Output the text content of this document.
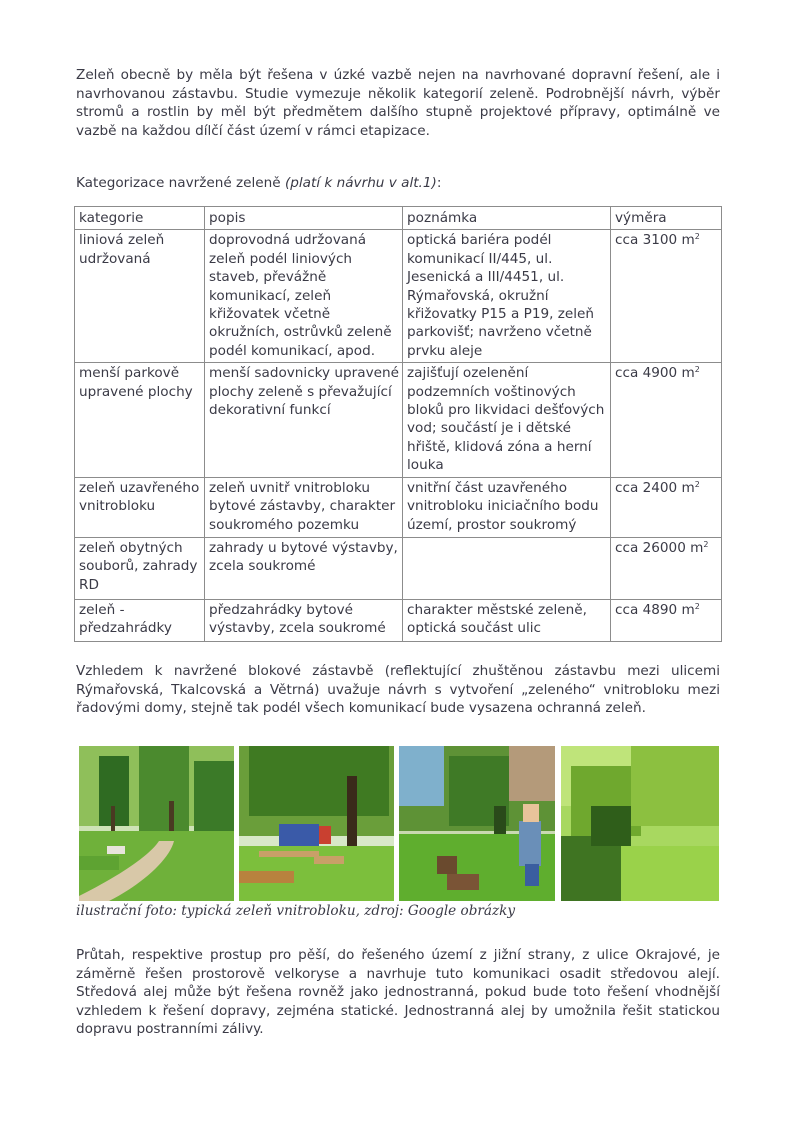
Zeleň obecně by měla být řešena v úzké vazbě nejen na navrhované dopravní řešení, ale i navrhovanou zástavbu. Studie vymezuje několik kategorií zeleně. Podrobnější návrh, výběr stromů a rostlin by měl být předmětem dalšího stupně projektové přípravy, optimálně ve vazbě na každou dílčí část území v rámci etapizace.

Kategorizace navržené zeleně (platí k návrhu v alt.1):

kategorie	popis	poznámka	výměra
liniová zeleň udržovaná	doprovodná udržovaná zeleň podél liniových staveb, převážně komunikací, zeleň křižovatek včetně okružních, ostrůvků zeleně podél komunikací, apod.	optická bariéra podél komunikací II/445, ul. Jesenická a III/4451, ul. Rýmařovská, okružní křižovatky P15 a P19, zeleň parkovišť; navrženo včetně prvku aleje	cca 3100 $m^2$
menší parkově upravené plochy	menší sadovnicky upravené plochy zeleně s převažující dekorativní funkcí	zajišťují ozelenění podzemních voštinových bloků pro likvidaci dešťových vod; součástí je i dětské hřiště, klidová zóna a herní louka	cca 4900 $m^2$
zeleň uzavřeného vnitrobloku	zeleň uvnitř vnitrobloku bytové zástavby, charakter soukromého pozemku	vnitřní část uzavřeného vnitrobloku iniciačního bodu území, prostor soukromý	cca 2400 $m^2$
zeleň obytných souborů, zahrady RD	zahrady u bytové výstavby, zcela soukromé		cca 26000 $m^2$
zeleň - předzahrádky	předzahrádky bytové výstavby, zcela soukromé	charakter městské zeleně, optická součást ulic	cca 4890 $m^2$

Vzhledem k navržené blokové zástavbě (reflektující zhuštěnou zástavbu mezi ulicemi Rýmařovská, Tkalcovská a Větrná) uvažuje návrh s vytvoření „zeleného“ vnitrobloku mezi řadovými domy, stejně tak podél všech komunikací bude vysazena ochranná zeleň.

ilustrační foto: typická zeleň vnitrobloku, zdroj: Google obrázky

Průtah, respektive prostup pro pěší, do řešeného území z jižní strany, z ulice Okrajové, je záměrně řešen prostorově velkoryse a navrhuje tuto komunikaci osadit středovou alejí. Středová alej může být řešena rovněž jako jednostranná, pokud bude toto řešení vhodnější vzhledem k řešení dopravy, zejména statické. Jednostranná alej by umožnila řešit statickou dopravu postranními zálivy.
